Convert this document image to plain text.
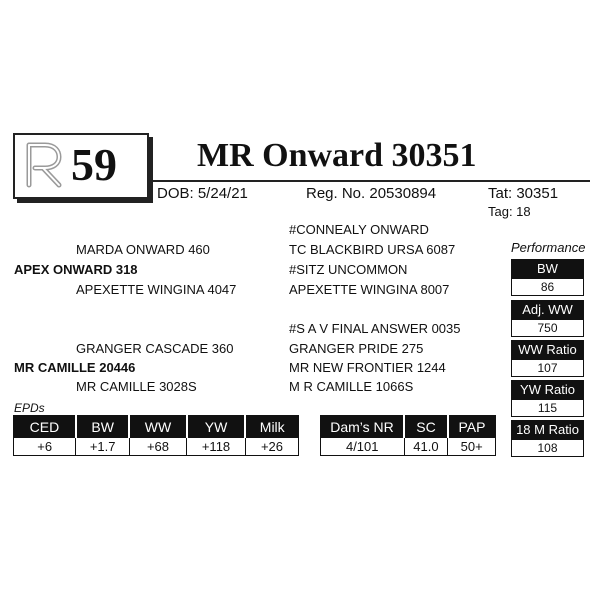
59 MR Onward 30351
DOB: 5/24/21	Reg. No. 20530894	Tat: 30351
Tag: 18
#CONNEALY ONWARD
MARDA ONWARD 460	TC BLACKBIRD URSA 6087
APEX ONWARD 318	#SITZ UNCOMMON
APEXETTE WINGINA 4047	APEXETTE WINGINA 8007
#S A V FINAL ANSWER 0035
GRANGER CASCADE 360	GRANGER PRIDE 275
MR CAMILLE 20446	MR NEW FRONTIER 1244
MR CAMILLE 3028S	M R CAMILLE 1066S
EPDs
CED	BW	WW	YW	Milk
+6	+1.7	+68	+118	+26
Dam’s NR	SC	PAP
4/101	41.0	50+
Performance
BW
86
Adj. WW
750
WW Ratio
107
YW Ratio
115
18 M Ratio
108
